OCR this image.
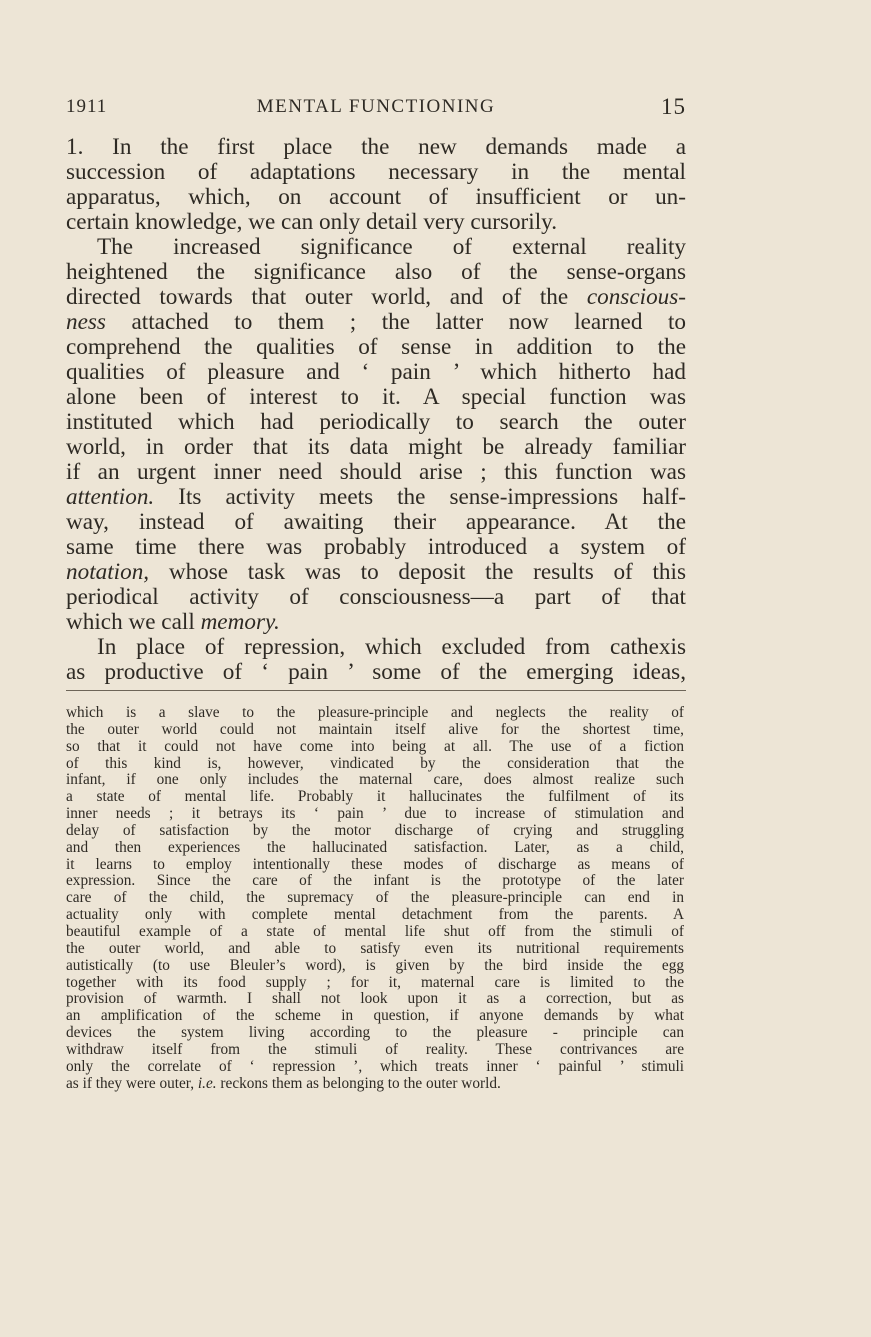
1911	MENTAL FUNCTIONING	15
1. In the first place the new demands made a
succession of adaptations necessary in the mental
apparatus, which, on account of insufficient or un-
certain knowledge, we can only detail very cursorily.
The increased significance of external reality
heightened the significance also of the sense-organs
directed towards that outer world, and of the conscious-
ness attached to them ; the latter now learned to
comprehend the qualities of sense in addition to the
qualities of pleasure and ‘ pain ’ which hitherto had
alone been of interest to it. A special function was
instituted which had periodically to search the outer
world, in order that its data might be already familiar
if an urgent inner need should arise ; this function was
attention. Its activity meets the sense-impressions half-
way, instead of awaiting their appearance. At the
same time there was probably introduced a system of
notation, whose task was to deposit the results of this
periodical activity of consciousness—a part of that
which we call memory.
In place of repression, which excluded from cathexis
as productive of ‘ pain ’ some of the emerging ideas,
which is a slave to the pleasure-principle and neglects the reality of
the outer world could not maintain itself alive for the shortest time,
so that it could not have come into being at all. The use of a fiction
of this kind is, however, vindicated by the consideration that the
infant, if one only includes the maternal care, does almost realize such
a state of mental life. Probably it hallucinates the fulfilment of its
inner needs ; it betrays its ‘ pain ’ due to increase of stimulation and
delay of satisfaction by the motor discharge of crying and struggling
and then experiences the hallucinated satisfaction. Later, as a child,
it learns to employ intentionally these modes of discharge as means of
expression. Since the care of the infant is the prototype of the later
care of the child, the supremacy of the pleasure-principle can end in
actuality only with complete mental detachment from the parents. A
beautiful example of a state of mental life shut off from the stimuli of
the outer world, and able to satisfy even its nutritional requirements
autistically (to use Bleuler’s word), is given by the bird inside the egg
together with its food supply ; for it, maternal care is limited to the
provision of warmth. I shall not look upon it as a correction, but as
an amplification of the scheme in question, if anyone demands by what
devices the system living according to the pleasure - principle can
withdraw itself from the stimuli of reality. These contrivances are
only the correlate of ‘ repression ’, which treats inner ‘ painful ’ stimuli
as if they were outer, i.e. reckons them as belonging to the outer world.
